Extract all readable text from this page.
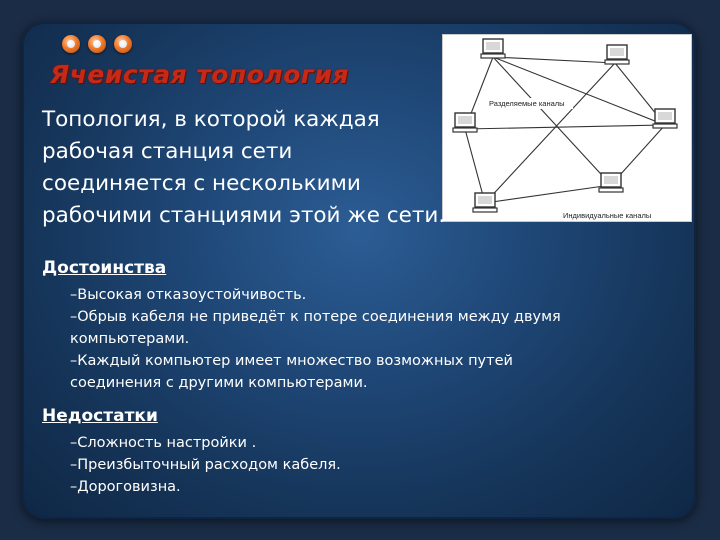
Ячеистая топология
Разделяемые каналы
Индивидуальные каналы
Топология, в которой каждая
рабочая станция сети
соединяется с несколькими
рабочими станциями этой же сети.
Достоинства
–Высокая отказоустойчивость.
–Обрыв кабеля не приведёт к потере соединения между двумя
компьютерами.
–Каждый компьютер имеет множество возможных путей
соединения с другими компьютерами.
Недостатки
–Сложность настройки .
–Преизбыточный расходом кабеля.
–Дороговизна.
